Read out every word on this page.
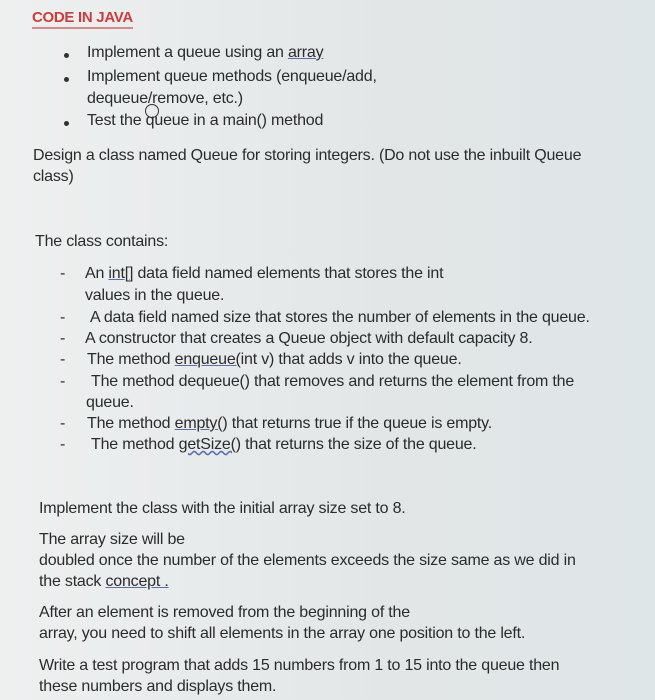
CODE IN JAVA
Implement a queue using an array
Implement queue methods (enqueue/add,
dequeue/remove, etc.)
Test the queue in a main() method
Design a class named Queue for storing integers. (Do not use the inbuilt Queue
class)
The class contains:
- An int[] data field named elements that stores the int
values in the queue.
- A data field named size that stores the number of elements in the queue.
- A constructor that creates a Queue object with default capacity 8.
- The method enqueue(int v) that adds v into the queue.
- The method dequeue() that removes and returns the element from the
queue.
- The method empty() that returns true if the queue is empty.
- The method getSize() that returns the size of the queue.
Implement the class with the initial array size set to 8.
The array size will be
doubled once the number of the elements exceeds the size same as we did in
the stack concept .
After an element is removed from the beginning of the
array, you need to shift all elements in the array one position to the left.
Write a test program that adds 15 numbers from 1 to 15 into the queue then
these numbers and displays them.
